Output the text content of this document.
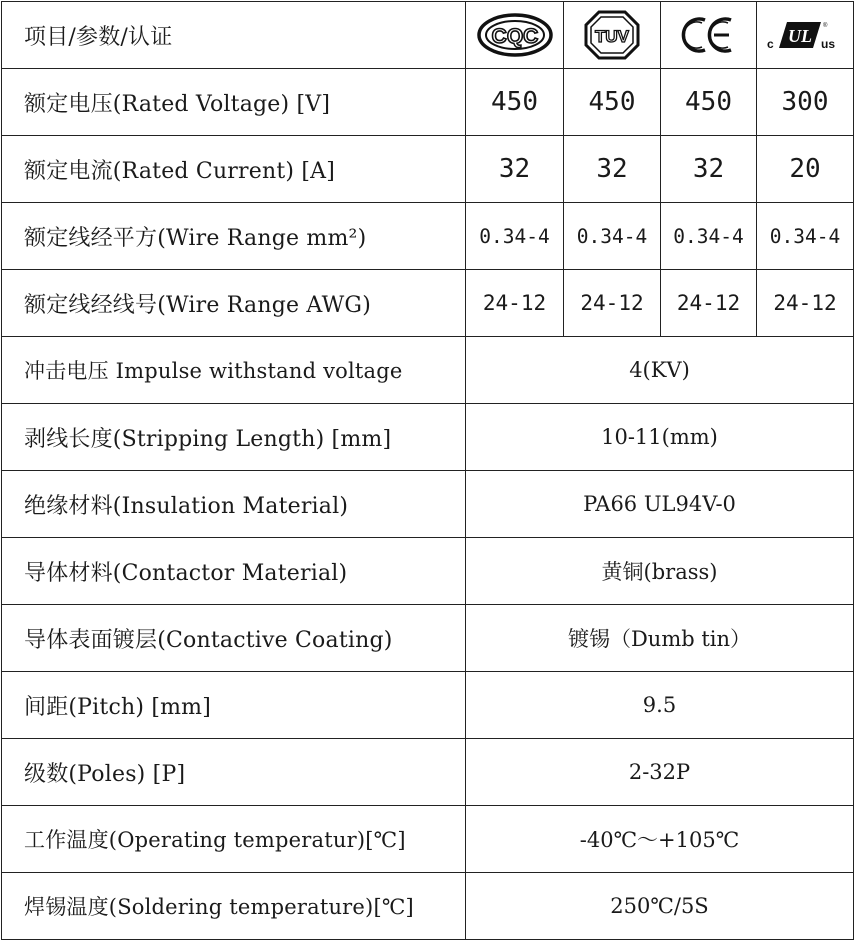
项目/参数/认证	CQC	TUV		c UL us
®

额定电压(Rated Voltage) [V]	450	450	450	300
额定电流(Rated Current) [A]	32	32	32	20
额定线经平方(Wire Range mm²)	0.34-4	0.34-4	0.34-4	0.34-4
额定线经线号(Wire Range AWG)	24-12	24-12	24-12	24-12
冲击电压 Impulse withstand voltage	4(KV)			
剥线长度(Stripping Length) [mm]	10-11(mm)			
绝缘材料(Insulation Material)	PA66 UL94V-0			
导体材料(Contactor Material)	黄铜(brass)			
导体表面镀层(Contactive Coating)	镀锡（Dumb tin）			
间距(Pitch) [mm]	9.5			
级数(Poles) [P]	2-32P			
工作温度(Operating temperatur)[℃]	-40℃～+105℃			
焊锡温度(Soldering temperature)[℃]	250℃/5S			
